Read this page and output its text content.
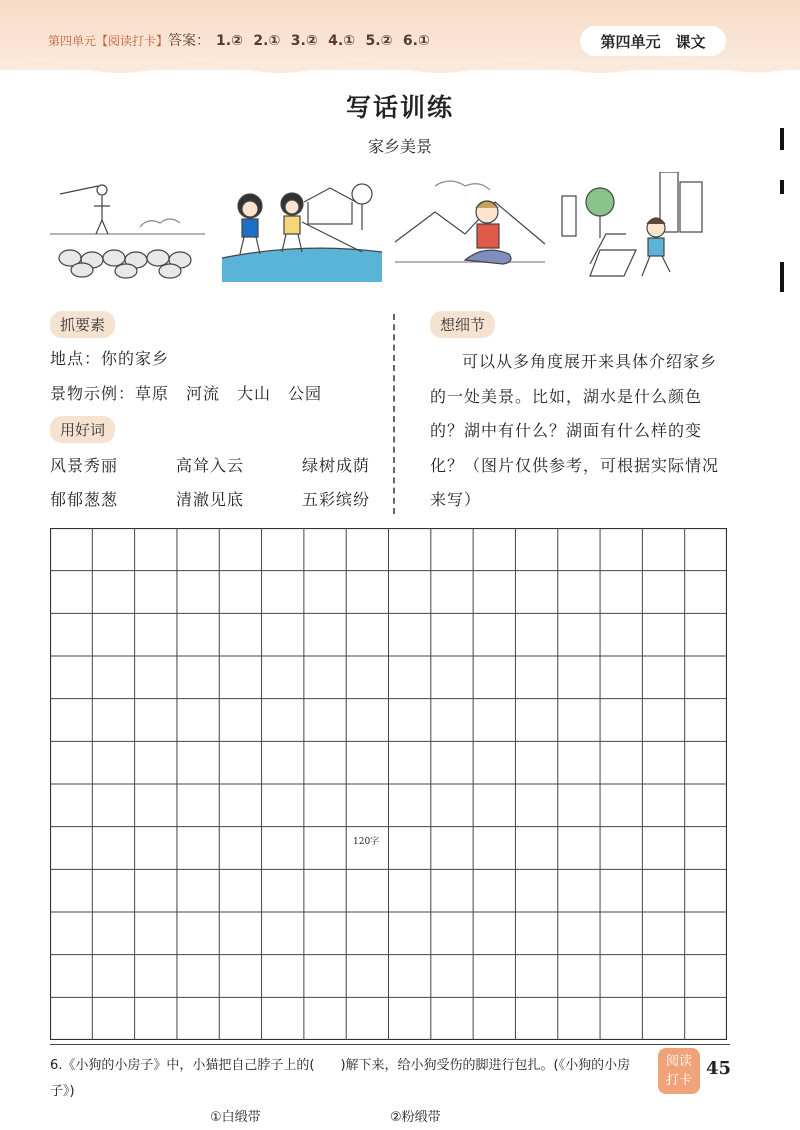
第四单元【阅读打卡】答案： 1.② 2.① 3.② 4.① 5.② 6.①	第四单元　课文
写话训练
家乡美景
抓要素
地点：你的家乡
景物示例：草原　河流　大山　公园
用好词
风景秀丽	高耸入云	绿树成荫
郁郁葱葱	清澈见底	五彩缤纷
想细节
可以从多角度展开来具体介绍家乡的一处美景。比如，湖水是什么颜色的？湖中有什么？湖面有什么样的变化？（图片仅供参考，可根据实际情况来写）
120字
6.《小狗的小房子》中，小猫把自己脖子上的(　　)解下来，给小狗受伤的脚进行包扎。(《小狗的小房子》)
①白缎带	②粉缎带
阅读
打卡
45
